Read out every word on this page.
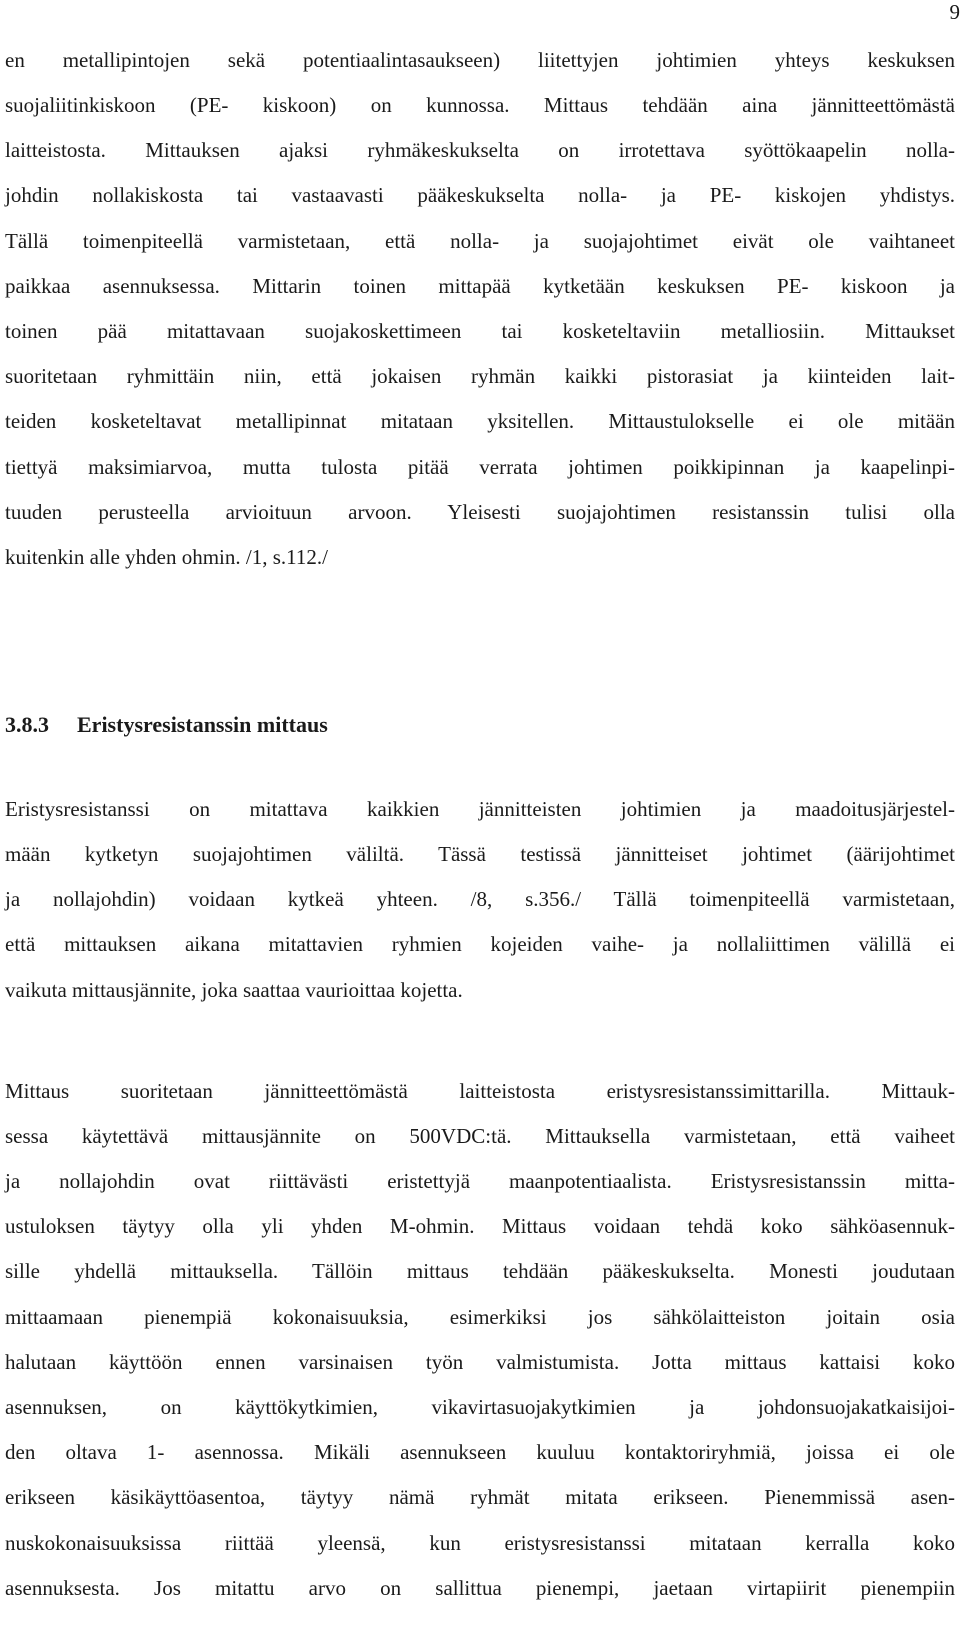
9
en metallipintojen sekä potentiaalintasaukseen) liitettyjen johtimien yhteys keskuksen
suojaliitinkiskoon (PE- kiskoon) on kunnossa. Mittaus tehdään aina jännitteettömästä
laitteistosta. Mittauksen ajaksi ryhmäkeskukselta on irrotettava syöttökaapelin nolla-
johdin nollakiskosta tai vastaavasti pääkeskukselta nolla- ja PE- kiskojen yhdistys.
Tällä toimenpiteellä varmistetaan, että nolla- ja suojajohtimet eivät ole vaihtaneet
paikkaa asennuksessa. Mittarin toinen mittapää kytketään keskuksen PE- kiskoon ja
toinen pää mitattavaan suojakoskettimeen tai kosketeltaviin metalliosiin. Mittaukset
suoritetaan ryhmittäin niin, että jokaisen ryhmän kaikki pistorasiat ja kiinteiden lait-
teiden kosketeltavat metallipinnat mitataan yksitellen. Mittaustulokselle ei ole mitään
tiettyä maksimiarvoa, mutta tulosta pitää verrata johtimen poikkipinnan ja kaapelinpi-
tuuden perusteella arvioituun arvoon. Yleisesti suojajohtimen resistanssin tulisi olla
kuitenkin alle yhden ohmin. /1, s.112./
3.8.3 Eristysresistanssin mittaus
Eristysresistanssi on mitattava kaikkien jännitteisten johtimien ja maadoitusjärjestel-
mään kytketyn suojajohtimen väliltä. Tässä testissä jännitteiset johtimet (äärijohtimet
ja nollajohdin) voidaan kytkeä yhteen. /8, s.356./ Tällä toimenpiteellä varmistetaan,
että mittauksen aikana mitattavien ryhmien kojeiden vaihe- ja nollaliittimen välillä ei
vaikuta mittausjännite, joka saattaa vaurioittaa kojetta.
Mittaus suoritetaan jännitteettömästä laitteistosta eristysresistanssimittarilla. Mittauk-
sessa käytettävä mittausjännite on 500VDC:tä. Mittauksella varmistetaan, että vaiheet
ja nollajohdin ovat riittävästi eristettyjä maanpotentiaalista. Eristysresistanssin mitta-
ustuloksen täytyy olla yli yhden M-ohmin. Mittaus voidaan tehdä koko sähköasennuk-
sille yhdellä mittauksella. Tällöin mittaus tehdään pääkeskukselta. Monesti joudutaan
mittaamaan pienempiä kokonaisuuksia, esimerkiksi jos sähkölaitteiston joitain osia
halutaan käyttöön ennen varsinaisen työn valmistumista. Jotta mittaus kattaisi koko
asennuksen, on käyttökytkimien, vikavirtasuojakytkimien ja johdonsuojakatkaisijoi-
den oltava 1- asennossa. Mikäli asennukseen kuuluu kontaktoriryhmiä, joissa ei ole
erikseen käsikäyttöasentoa, täytyy nämä ryhmät mitata erikseen. Pienemmissä asen-
nuskokonaisuuksissa riittää yleensä, kun eristysresistanssi mitataan kerralla koko
asennuksesta. Jos mitattu arvo on sallittua pienempi, jaetaan virtapiirit pienempiin
